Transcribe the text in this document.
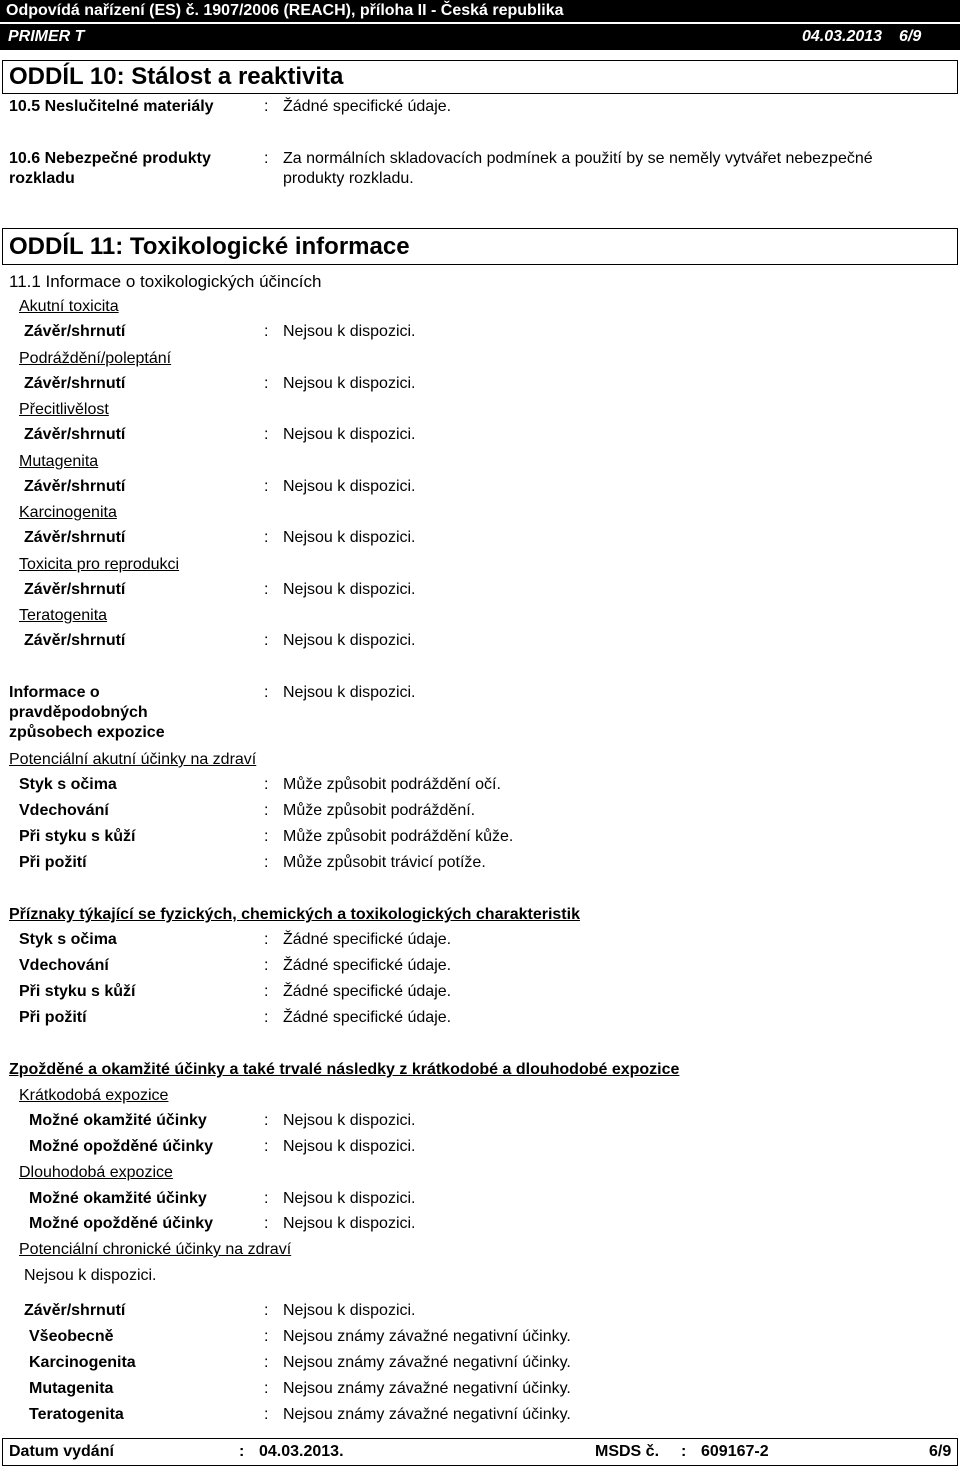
Odpovídá nařízení (ES) č. 1907/2006 (REACH), příloha II - Česká republika
PRIMER T	04.03.2013 6/9
ODDÍL 10: Stálost a reaktivita
10.5 Neslučitelné materiály	: Žádné specifické údaje.
10.6 Nebezpečné produkty
rozkladu
: Za normálních skladovacích podmínek a použití by se neměly vytvářet nebezpečné
produkty rozkladu.
ODDÍL 11: Toxikologické informace
11.1 Informace o toxikologických účincích
Akutní toxicita
Závěr/shrnutí	: Nejsou k dispozici.
Podráždění/poleptání
Závěr/shrnutí	: Nejsou k dispozici.
Přecitlivělost
Závěr/shrnutí	: Nejsou k dispozici.
Mutagenita
Závěr/shrnutí	: Nejsou k dispozici.
Karcinogenita
Závěr/shrnutí	: Nejsou k dispozici.
Toxicita pro reprodukci
Závěr/shrnutí	: Nejsou k dispozici.
Teratogenita
Závěr/shrnutí	: Nejsou k dispozici.
Informace o
pravděpodobných
způsobech expozice
: Nejsou k dispozici.
Potenciální akutní účinky na zdraví
Styk s očima	: Může způsobit podráždění očí.
Vdechování	: Může způsobit podráždění.
Při styku s kůží	: Může způsobit podráždění kůže.
Při požití	: Může způsobit trávicí potíže.
Příznaky týkající se fyzických, chemických a toxikologických charakteristik
Styk s očima	: Žádné specifické údaje.
Vdechování	: Žádné specifické údaje.
Při styku s kůží	: Žádné specifické údaje.
Při požití	: Žádné specifické údaje.
Zpožděné a okamžité účinky a také trvalé následky z krátkodobé a dlouhodobé expozice
Krátkodobá expozice
Možné okamžité účinky	: Nejsou k dispozici.
Možné opožděné účinky	: Nejsou k dispozici.
Dlouhodobá expozice
Možné okamžité účinky	: Nejsou k dispozici.
Možné opožděné účinky	: Nejsou k dispozici.
Potenciální chronické účinky na zdraví
Nejsou k dispozici.
Závěr/shrnutí	: Nejsou k dispozici.
Všeobecně	: Nejsou známy závažné negativní účinky.
Karcinogenita	: Nejsou známy závažné negativní účinky.
Mutagenita	: Nejsou známy závažné negativní účinky.
Teratogenita	: Nejsou známy závažné negativní účinky.
Datum vydání	: 04.03.2013.	MSDS č. : 609167-2	6/9
